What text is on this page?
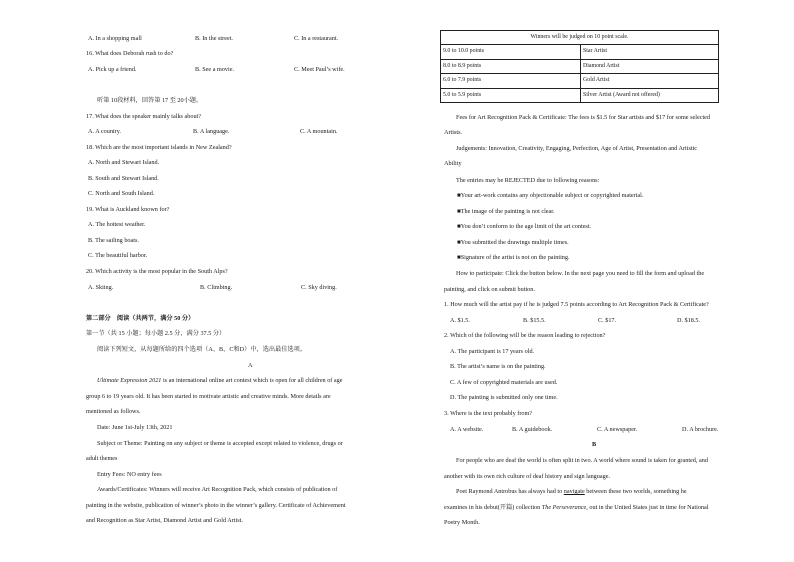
A. In a shopping mall	B. In the street.	C. In a restaurant.
16. What does Deborah rush to do?
A. Pick up a friend.	B. See a movie.	C. Meet Paul’s wife.
听第 10段材料，回答第 17 至 20小题。
17. What does the speaker mainly talks about?
A. A country.	B. A language.	C. A mountain.
18. Which are the most important islands in New Zealand?
A. North and Stewart Island.
B. South and Stewart Island.
C. North and South Island.
19. What is Auckland known for?
A. The hottest weather.
B. The sailing boats.
C. The beautiful harbor.
20. Which activity is the most popular in the South Alps?
A. Skiing.	B. Climbing.	C. Sky diving.
第二部分　阅读（共两节，满分 50 分）
第一节（共 15 小题；每小题 2.5 分，满分 37.5 分）
阅读下列短文，从每题所给的四个选项（A、B、C和D）中，选出最佳选项。
A
Ultimate Expression 2021 is an international online art contest which is open for all children of age
group 6 to 19 years old. It has been started to motivate artistic and creative minds. More details are
mentioned as follows.
Date: June 1st-July 13th, 2021
Subject or Theme: Painting on any subject or theme is accepted except related to violence, drugs or
adult themes
Entry Fees: NO entry fees
Awards/Certificates: Winners will receive Art Recognition Pack, which consists of publication of
painting in the website, publication of winner’s photo in the winner’s gallery. Certificate of Achievement
and Recognition as Star Artist, Diamond Artist and Gold Artist.
Winners will be judged on 10 point scale.	
9.0 to 10.0 points	Star Artist
8.0 to 8.9 points	Diamond Artist
6.0 to 7.9 points	Gold Artist
5.0 to 5.9 points	Silver Artist (Award not offered)
Fees for Art Recognition Pack & Certificate: The fees is $1.5 for Star artists and $17 for some selected
Artists.
Judgements: Innovation, Creativity, Engaging, Perfection, Age of Artist, Presentation and Artistic
Ability
The entries may be REJECTED due to following reasons:
■Your art-work contains any objectionable subject or copyrighted material.
■The image of the painting is not clear.
■You don’t conform to the age limit of the art contest.
■You submitted the drawings multiple times.
■Signature of the artist is not on the painting.
How to participate: Click the button below. In the next page you need to fill the form and upload the
painting, and click on submit button.
1. How much will the artist pay if he is judged 7.5 points according to Art Recognition Pack & Certificate?
A. $1.5.	B. $15.5.	C. $17.	D. $18.5.
2. Which of the following will be the reason leading to rejection?
A. The participant is 17 years old.
B. The artist’s name is on the painting.
C. A few of copyrighted materials are used.
D. The painting is submitted only one time.
3. Where is the text probably from?
A. A website.	B. A guidebook.	C. A newspaper.	D. A brochure.
B
For people who are deaf the world is often split in two. A world where sound is taken for granted, and
another with its own rich culture of deaf history and sign language.
Poet Raymond Antrobus has always had to navigate between these two worlds, something he
examines in his debut(开篇) collection The Perseverance, out in the United States just in time for National
Poetry Month.
